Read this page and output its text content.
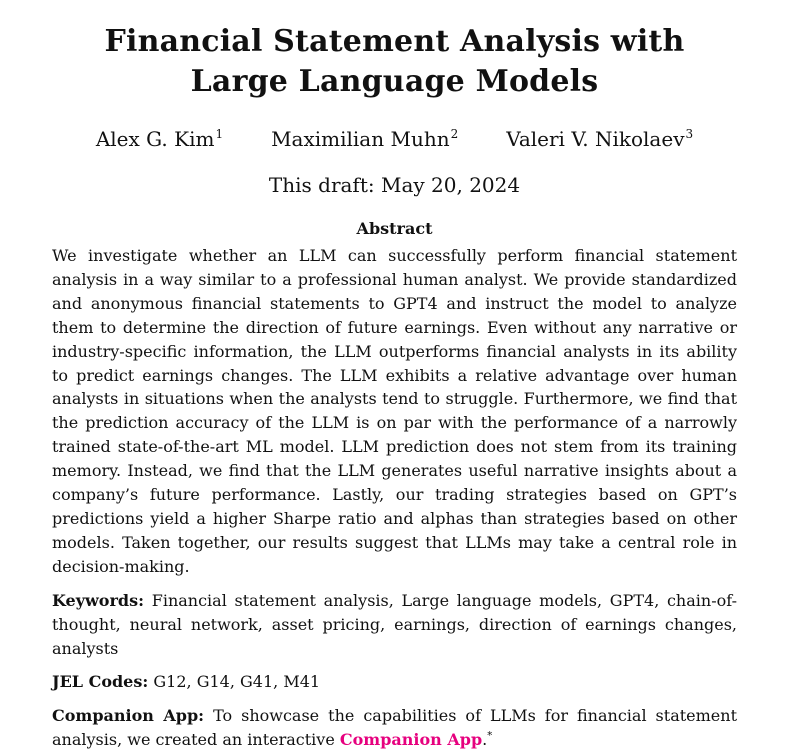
Financial Statement Analysis with
Large Language Models
Alex G. Kim$^1$ Maximilian Muhn$^2$ Valeri V. Nikolaev$^3$
This draft: May 20, 2024
Abstract

We investigate whether an LLM can successfully perform financial statement analysis in a way similar to a professional human analyst. We provide standardized and anonymous financial statements to GPT4 and instruct the model to analyze them to determine the direction of future earnings. Even without any narrative or industry-specific information, the LLM outperforms financial analysts in its ability to predict earnings changes. The LLM exhibits a relative advantage over human analysts in situations when the analysts tend to struggle. Furthermore, we find that the prediction accuracy of the LLM is on par with the performance of a narrowly trained state-of-the-art ML model. LLM prediction does not stem from its training memory. Instead, we find that the LLM generates useful narrative insights about a company’s future performance. Lastly, our trading strategies based on GPT’s predictions yield a higher Sharpe ratio and alphas than strategies based on other models. Taken together, our results suggest that LLMs may take a central role in decision-making.

Keywords: Financial statement analysis, Large language models, GPT4, chain-of-thought, neural network, asset pricing, earnings, direction of earnings changes, analysts

JEL Codes: G12, G14, G41, M41

Companion App: To showcase the capabilities of LLMs for financial statement analysis, we created an interactive Companion App.*
